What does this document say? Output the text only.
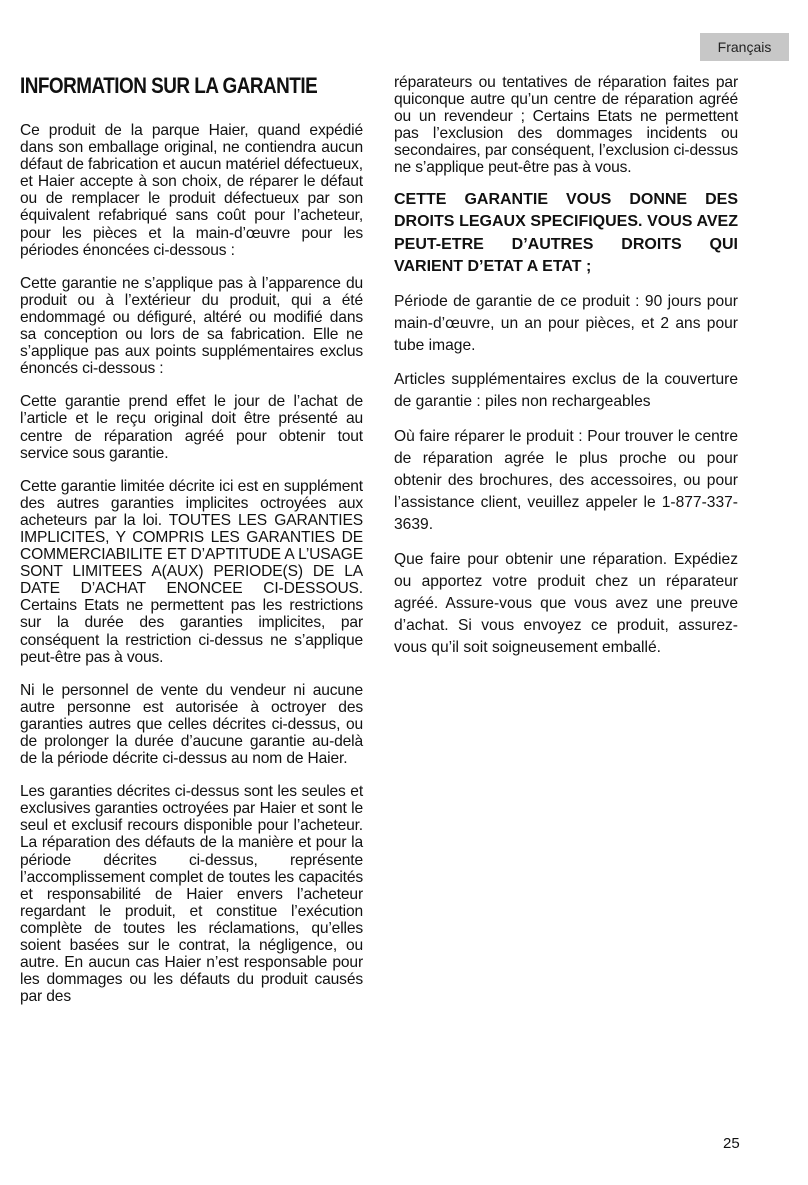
Français
INFORMATION SUR LA GARANTIE

Ce produit de la parque Haier, quand expédié dans son emballage original, ne contiendra aucun défaut de fabrication et aucun matériel défectueux, et Haier accepte à son choix, de réparer le défaut ou de remplacer le produit défectueux par son équivalent refabriqué sans coût pour l’acheteur, pour les pièces et la main-d’œuvre pour les périodes énoncées ci-dessous :

Cette garantie ne s’applique pas à l’apparence du produit ou à l’extérieur du produit, qui a été endommagé ou défiguré, altéré ou modifié dans sa conception ou lors de sa fabrication. Elle ne s’applique pas aux points supplémentaires exclus énoncés ci-dessous :

Cette garantie prend effet le jour de l’achat de l’article et le reçu original doit être présenté au centre de réparation agréé pour obtenir tout service sous garantie.

Cette garantie limitée décrite ici est en supplément des autres garanties implicites octroyées aux acheteurs par la loi. TOUTES LES GARANTIES IMPLICITES, Y COMPRIS LES GARANTIES DE COMMERCIABILITE ET D’APTITUDE A L’USAGE SONT LIMITEES A(AUX) PERIODE(S) DE LA DATE D’ACHAT ENONCEE CI-DESSOUS. Certains Etats ne permettent pas les restrictions sur la durée des garanties implicites, par conséquent la restriction ci-dessus ne s’applique peut-être pas à vous.

Ni le personnel de vente du vendeur ni aucune autre personne est autorisée à octroyer des garanties autres que celles décrites ci-dessus, ou de prolonger la durée d’aucune garantie au-delà de la période décrite ci-dessus au nom de Haier.

Les garanties décrites ci-dessus sont les seules et exclusives garanties octroyées par Haier et sont le seul et exclusif recours disponible pour l’acheteur. La réparation des défauts de la manière et pour la période décrites ci-dessus, représente l’accomplissement complet de toutes les capacités et responsabilité de Haier envers l’acheteur regardant le produit, et constitue l’exécution complète de toutes les réclamations, qu’elles soient basées sur le contrat, la négligence, ou autre. En aucun cas Haier n’est responsable pour les dommages ou les défauts du produit causés par des

réparateurs ou tentatives de réparation faites par quiconque autre qu’un centre de réparation agréé ou un revendeur ; Certains Etats ne permettent pas l’exclusion des dommages incidents ou secondaires, par conséquent, l’exclusion ci-dessus ne s’applique peut-être pas à vous.

CETTE GARANTIE VOUS DONNE DES DROITS LEGAUX SPECIFIQUES. VOUS AVEZ PEUT-ETRE D’AUTRES DROITS QUI VARIENT D’ETAT A ETAT ;

Période de garantie de ce produit : 90 jours pour main-d’œuvre, un an pour pièces, et 2 ans pour tube image.

Articles supplémentaires exclus de la couverture de garantie : piles non rechargeables

Où faire réparer le produit : Pour trouver le centre de réparation agrée le plus proche ou pour obtenir des brochures, des accessoires, ou pour l’assistance client, veuillez appeler le 1-877-337-3639.

Que faire pour obtenir une réparation. Expédiez ou apportez votre produit chez un réparateur agréé. Assure-vous que vous avez une preuve d’achat. Si vous envoyez ce produit, assurez-vous qu’il soit soigneusement emballé.

25
